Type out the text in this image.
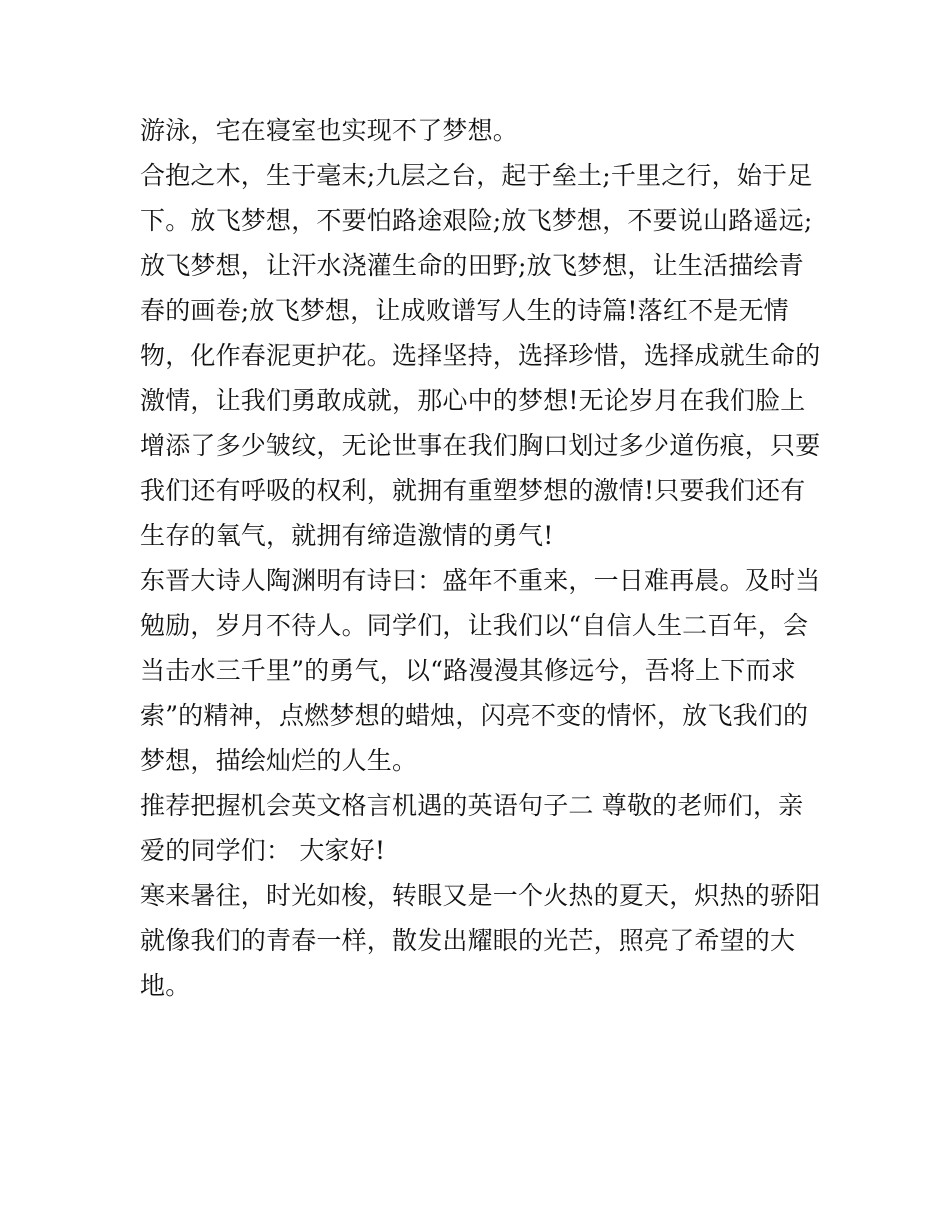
游泳，宅在寝室也实现不了梦想。
合抱之木，生于毫末;九层之台，起于垒土;千里之行，始于足
下。放飞梦想，不要怕路途艰险;放飞梦想，不要说山路遥远;
放飞梦想，让汗水浇灌生命的田野;放飞梦想，让生活描绘青
春的画卷;放飞梦想，让成败谱写人生的诗篇!落红不是无情
物，化作春泥更护花。选择坚持，选择珍惜，选择成就生命的
激情，让我们勇敢成就，那心中的梦想!无论岁月在我们脸上
增添了多少皱纹，无论世事在我们胸口划过多少道伤痕，只要
我们还有呼吸的权利，就拥有重塑梦想的激情!只要我们还有
生存的氧气，就拥有缔造激情的勇气!
东晋大诗人陶渊明有诗曰：盛年不重来，一日难再晨。及时当
勉励，岁月不待人。同学们，让我们以“自信人生二百年，会
当击水三千里”的勇气，以“路漫漫其修远兮，吾将上下而求
索”的精神，点燃梦想的蜡烛，闪亮不变的情怀，放飞我们的
梦想，描绘灿烂的人生。
推荐把握机会英文格言机遇的英语句子二 尊敬的老师们，亲
爱的同学们： 大家好!
寒来暑往，时光如梭，转眼又是一个火热的夏天，炽热的骄阳
就像我们的青春一样，散发出耀眼的光芒，照亮了希望的大
地。
